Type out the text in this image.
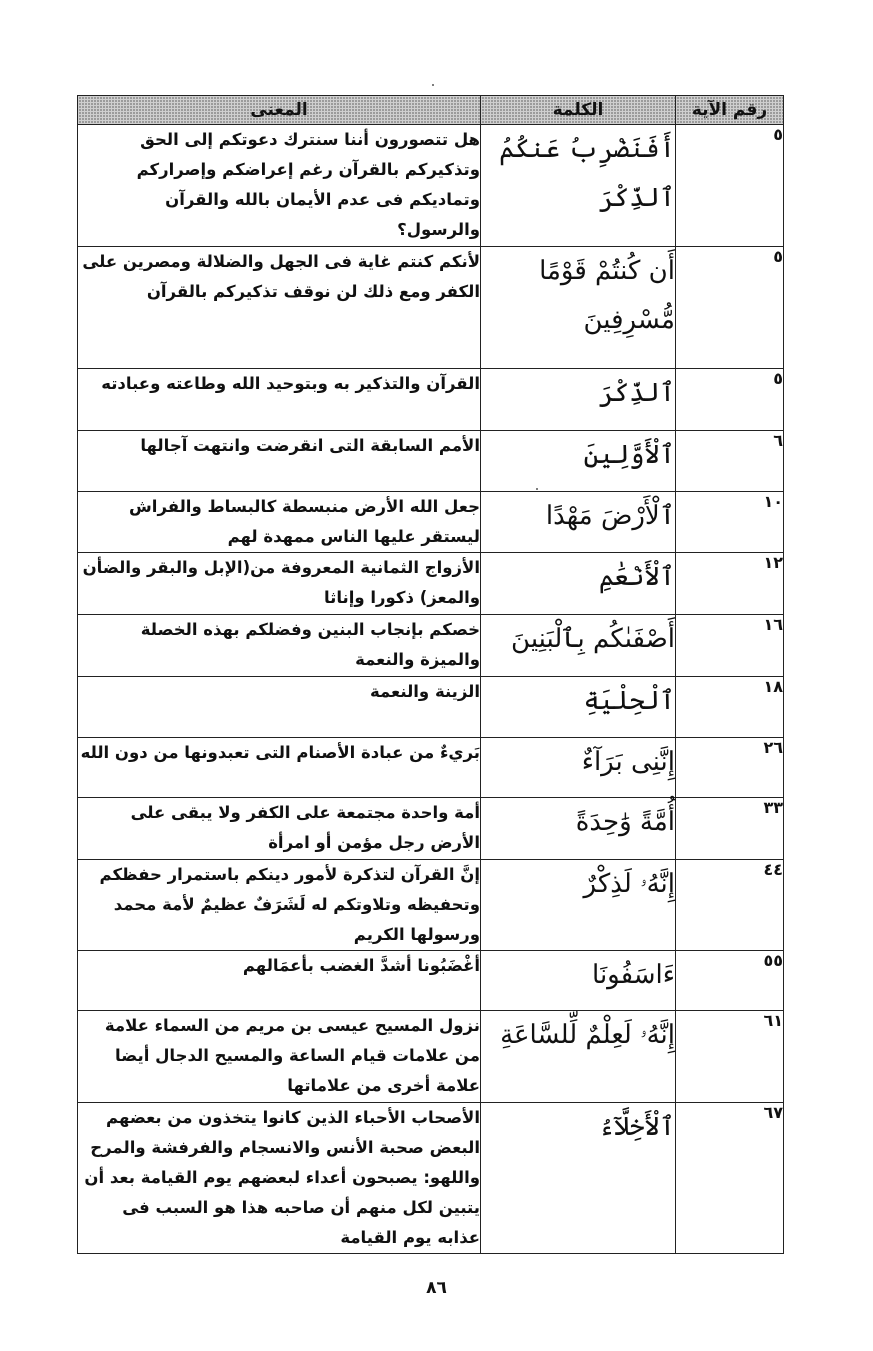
رقم الآية	الكلمة	المعنى
٥	أَفَنَضْرِبُ عَنكُمُ ٱلذِّكْرَ	هل تتصورون أننا سنترك دعوتكم إلى الحق وتذكيركم بالقرآن رغم إعراضكم وإصراركم وتماديكم فى عدم الأيمان بالله والقرآن والرسول؟
٥	أَن كُنتُمْ قَوْمًا مُّسْرِفِينَ	لأنكم كنتم غاية فى الجهل والضلالة ومصرين على الكفر ومع ذلك لن نوقف تذكيركم بالقرآن
٥	ٱلذِّكْرَ	القرآن والتذكير به وبتوحيد الله وطاعته وعبادته
٦	ٱلْأَوَّلِينَ	الأمم السابقة التى انقرضت وانتهت آجالها
١٠	ٱلْأَرْضَ مَهْدًا	جعل الله الأرض منبسطة كالبساط والفراش ليستقر عليها الناس ممهدة لهم
١٢	ٱلْأَنْعَٰمِ	الأزواج الثمانية المعروفة من(الإبل والبقر والضأن والمعز) ذكورا وإناثا
١٦	أَصْفَىٰكُم بِٱلْبَنِينَ	خصكم بإنجاب البنين وفضلكم بهذه الخصلة والميزة والنعمة
١٨	ٱلْحِلْيَةِ	الزينة والنعمة
٢٦	إِنَّنِى بَرَآءٌ	بَريءٌ من عبادة الأصنام التى تعبدونها من دون الله
٣٣	أُمَّةً وَٰحِدَةً	أمة واحدة مجتمعة على الكفر ولا يبقى على الأرض رجل مؤمن أو امرأة
٤٤	إِنَّهُۥ لَذِكْرٌ	إنَّ القرآن لتذكرة لأمور دينكم باستمرار حفظكم وتحفيظه وتلاوتكم له لَشَرَفٌ عظيمٌ لأمة محمد ورسولها الكريم
٥٥	ءَاسَفُونَا	أغْضَبُونا أشدَّ الغضب بأعمَالهم
٦١	إِنَّهُۥ لَعِلْمٌ لِّلسَّاعَةِ	نزول المسيح عيسى بن مريم من السماء علامة من علامات قيام الساعة والمسيح الدجال أيضا علامة أخرى من علاماتها
٦٧	ٱلْأَخِلَّآءُ	الأصحاب الأحباء الذين كانوا يتخذون من بعضهم البعض صحبة الأنس والانسجام والفرفشة والمرح واللهو: يصبحون أعداء لبعضهم يوم القيامة بعد أن يتبين لكل منهم أن صاحبه هذا هو السبب فى عذابه يوم القيامة
٨٦
